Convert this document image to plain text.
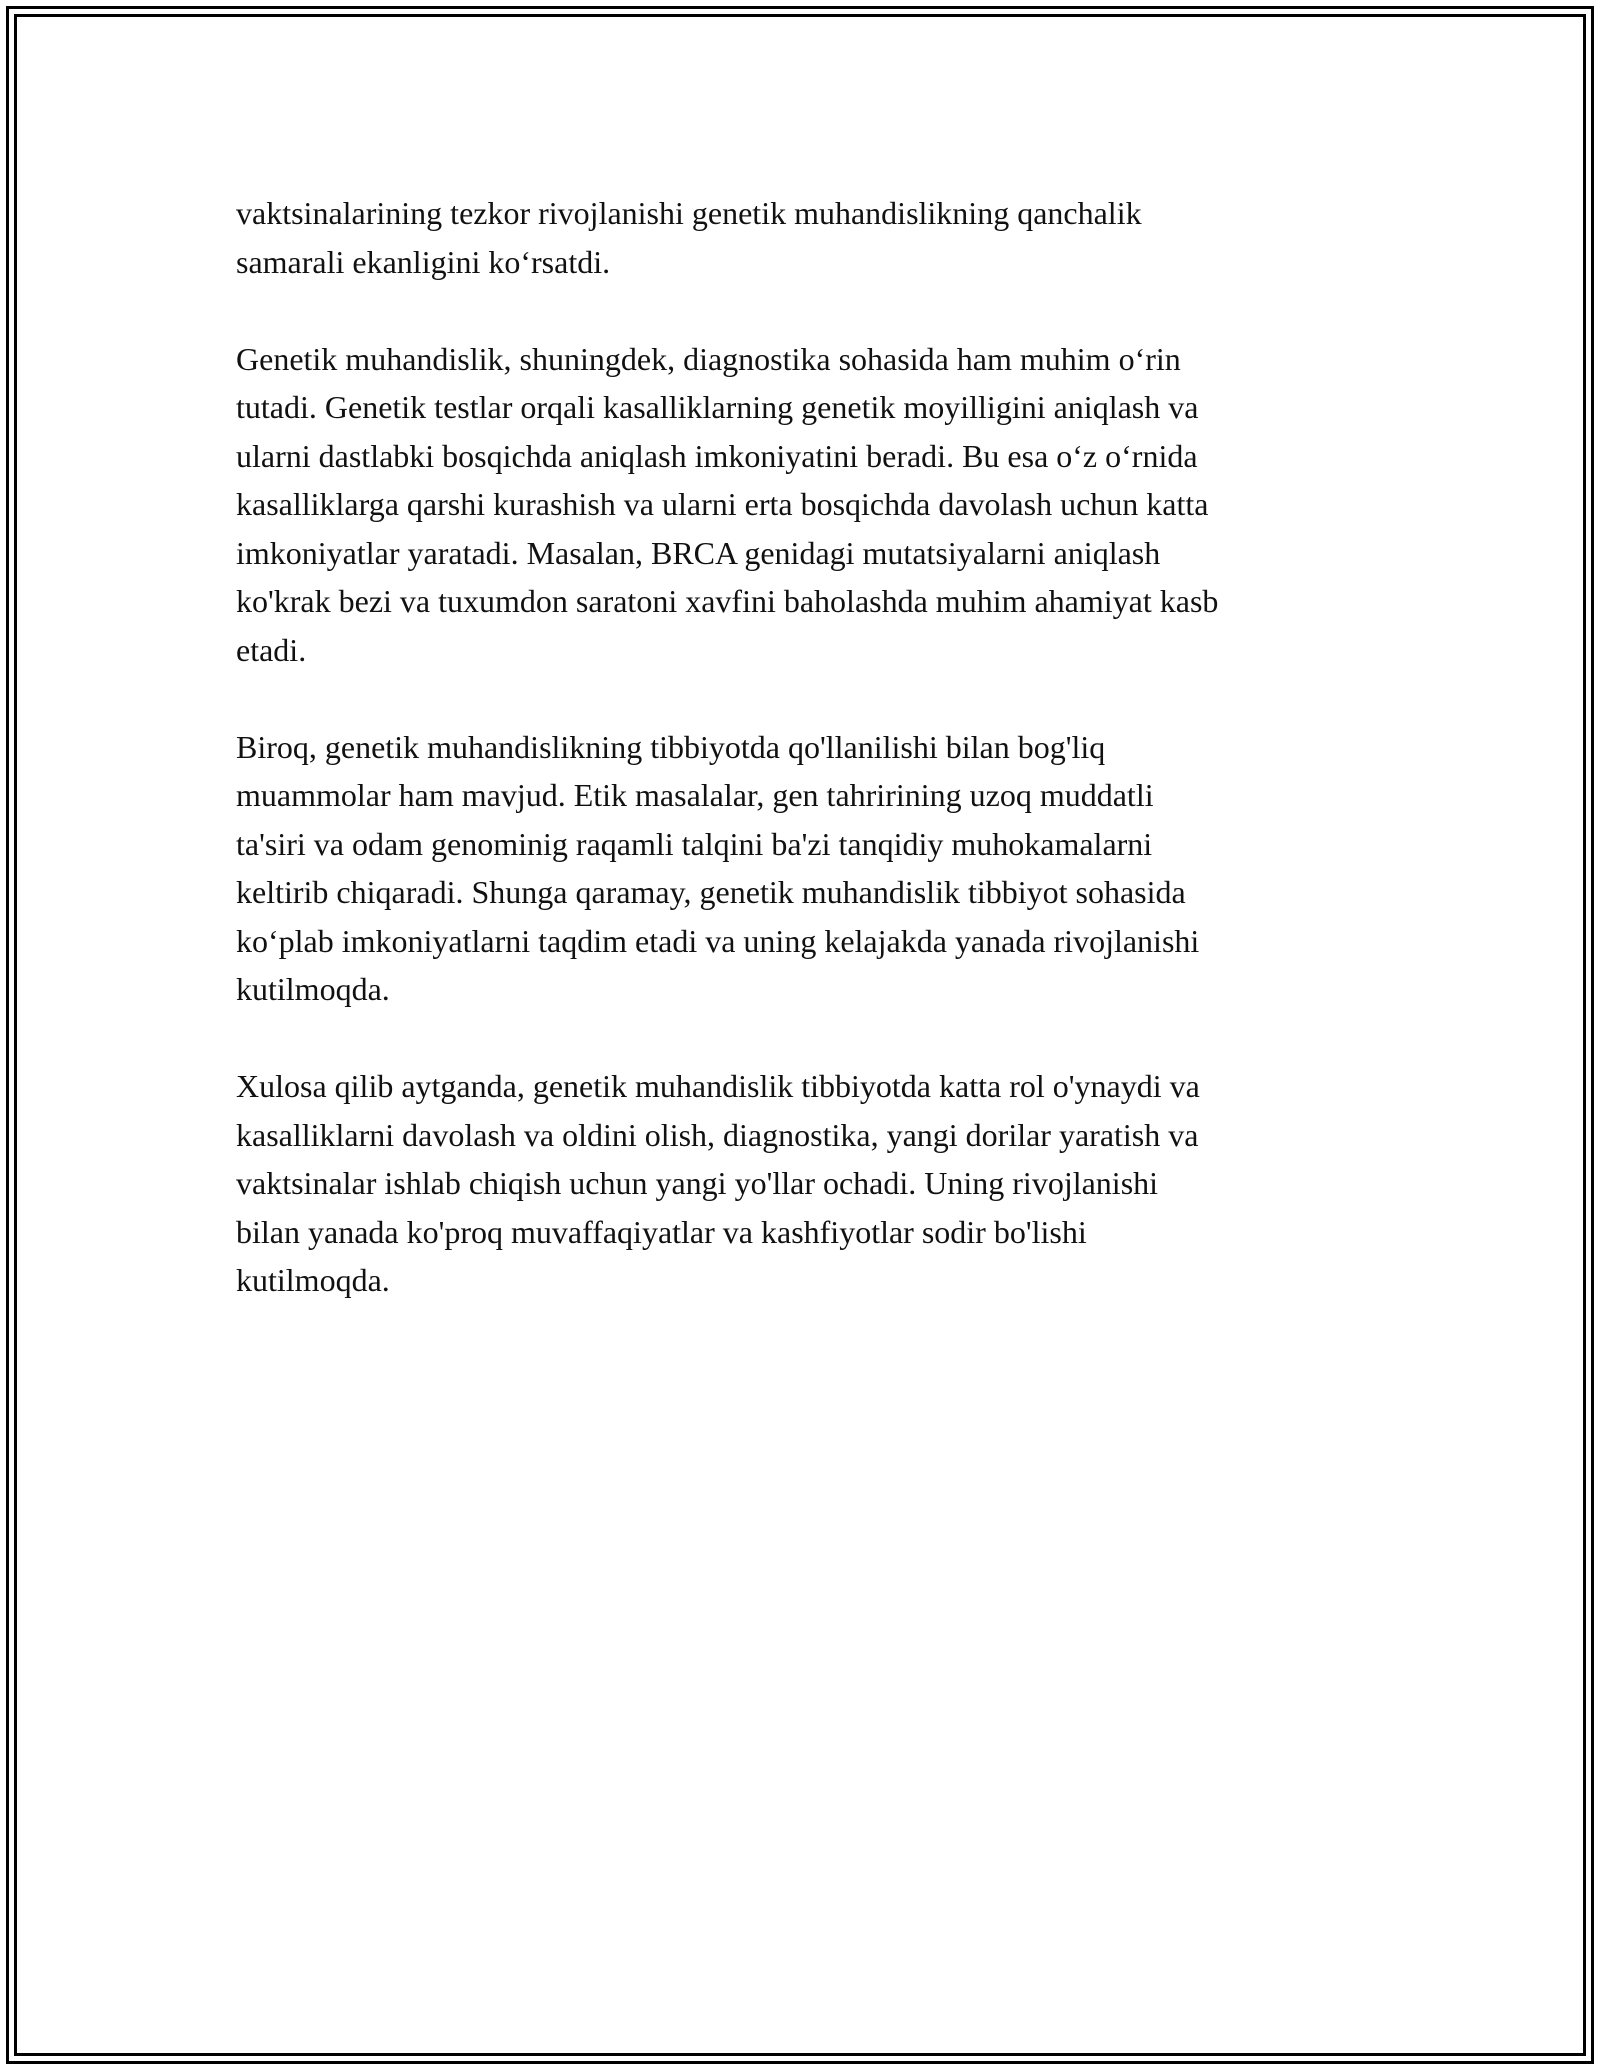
vaktsinalarining tezkor rivojlanishi genetik muhandislikning qanchalik
samarali ekanligini ko‘rsatdi.

Genetik muhandislik, shuningdek, diagnostika sohasida ham muhim o‘rin
tutadi. Genetik testlar orqali kasalliklarning genetik moyilligini aniqlash va
ularni dastlabki bosqichda aniqlash imkoniyatini beradi. Bu esa o‘z o‘rnida
kasalliklarga qarshi kurashish va ularni erta bosqichda davolash uchun katta
imkoniyatlar yaratadi. Masalan, BRCA genidagi mutatsiyalarni aniqlash
ko'krak bezi va tuxumdon saratoni xavfini baholashda muhim ahamiyat kasb
etadi.

Biroq, genetik muhandislikning tibbiyotda qo'llanilishi bilan bog'liq
muammolar ham mavjud. Etik masalalar, gen tahririning uzoq muddatli
ta'siri va odam genominig raqamli talqini ba'zi tanqidiy muhokamalarni
keltirib chiqaradi. Shunga qaramay, genetik muhandislik tibbiyot sohasida
ko‘plab imkoniyatlarni taqdim etadi va uning kelajakda yanada rivojlanishi
kutilmoqda.

Xulosa qilib aytganda, genetik muhandislik tibbiyotda katta rol o'ynaydi va
kasalliklarni davolash va oldini olish, diagnostika, yangi dorilar yaratish va
vaktsinalar ishlab chiqish uchun yangi yo'llar ochadi. Uning rivojlanishi
bilan yanada ko'proq muvaffaqiyatlar va kashfiyotlar sodir bo'lishi
kutilmoqda.
